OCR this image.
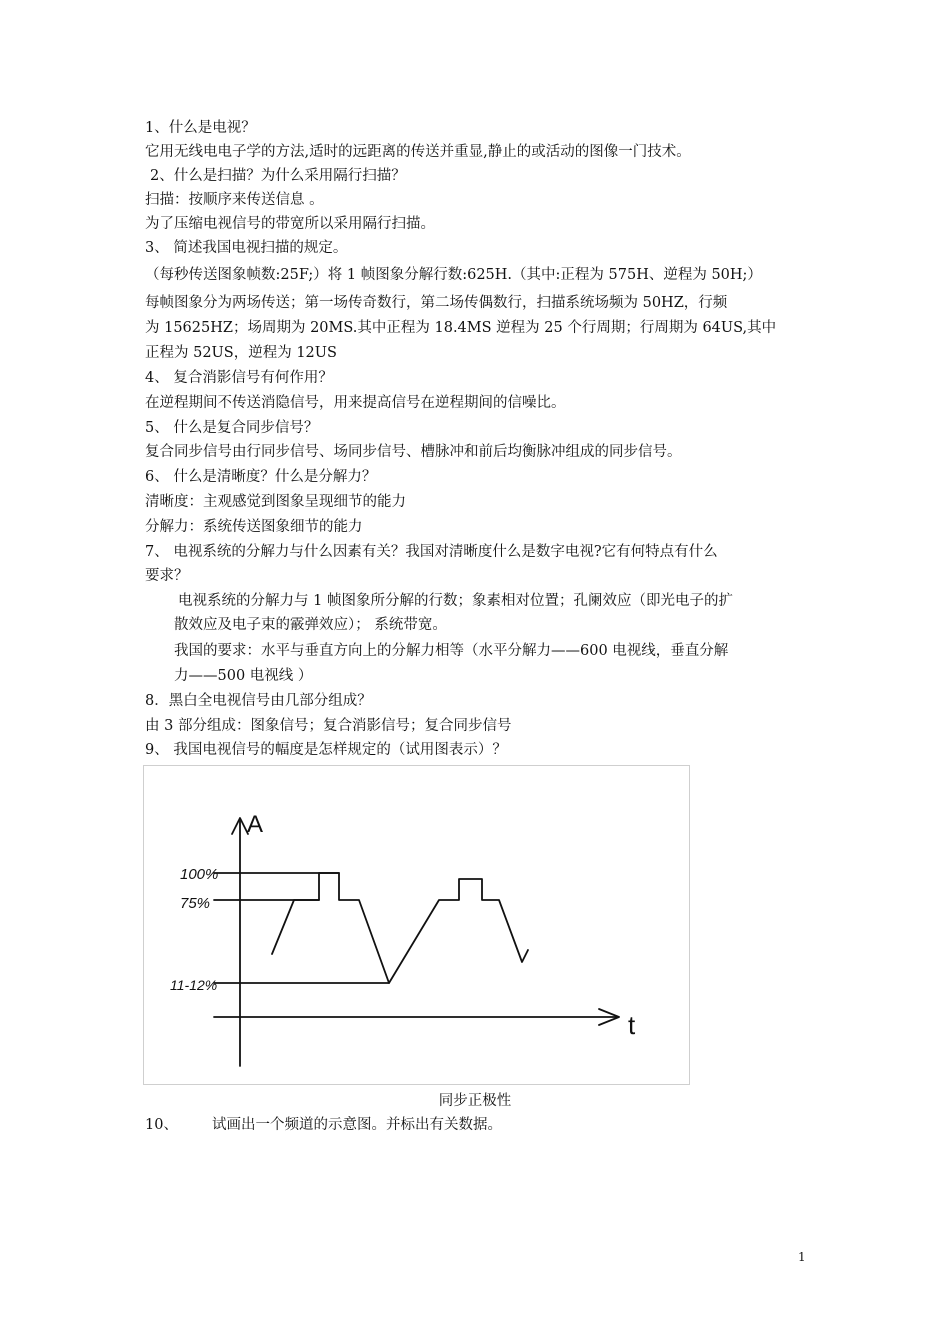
1、什么是电视？
它用无线电电子学的方法,适时的远距离的传送并重显,静止的或活动的图像一门技术。
2、什么是扫描？为什么采用隔行扫描？
扫描：按顺序来传送信息 。
为了压缩电视信号的带宽所以采用隔行扫描。
3、 简述我国电视扫描的规定。
（每秒传送图象帧数:25F;）将 1 帧图象分解行数:625H.（其中:正程为 575H、逆程为 50H;）
每帧图象分为两场传送；第一场传奇数行，第二场传偶数行，扫描系统场频为 50HZ，行频
为 15625HZ；场周期为 20MS.其中正程为 18.4MS 逆程为 25 个行周期；行周期为 64US,其中
正程为 52US，逆程为 12US
4、 复合消影信号有何作用？
在逆程期间不传送消隐信号，用来提高信号在逆程期间的信噪比。
5、 什么是复合同步信号？
复合同步信号由行同步信号、场同步信号、槽脉冲和前后均衡脉冲组成的同步信号。
6、 什么是清晰度？什么是分解力？
清晰度：主观感觉到图象呈现细节的能力
分解力：系统传送图象细节的能力
7、 电视系统的分解力与什么因素有关？我国对清晰度什么是数字电视?它有何特点有什么
要求？
电视系统的分解力与 1 帧图象所分解的行数；象素相对位置；孔阑效应（即光电子的扩
散效应及电子束的霰弹效应）； 系统带宽。
我国的要求：水平与垂直方向上的分解力相等（水平分解力——600 电视线，垂直分解
力——500 电视线 ）
8．黑白全电视信号由几部分组成？
由 3 部分组成：图象信号；复合消影信号；复合同步信号
9、 我国电视信号的幅度是怎样规定的（试用图表示）？
A
t
100%
75%
11-12%
同步正极性
10、 试画出一个频道的示意图。并标出有关数据。
1
